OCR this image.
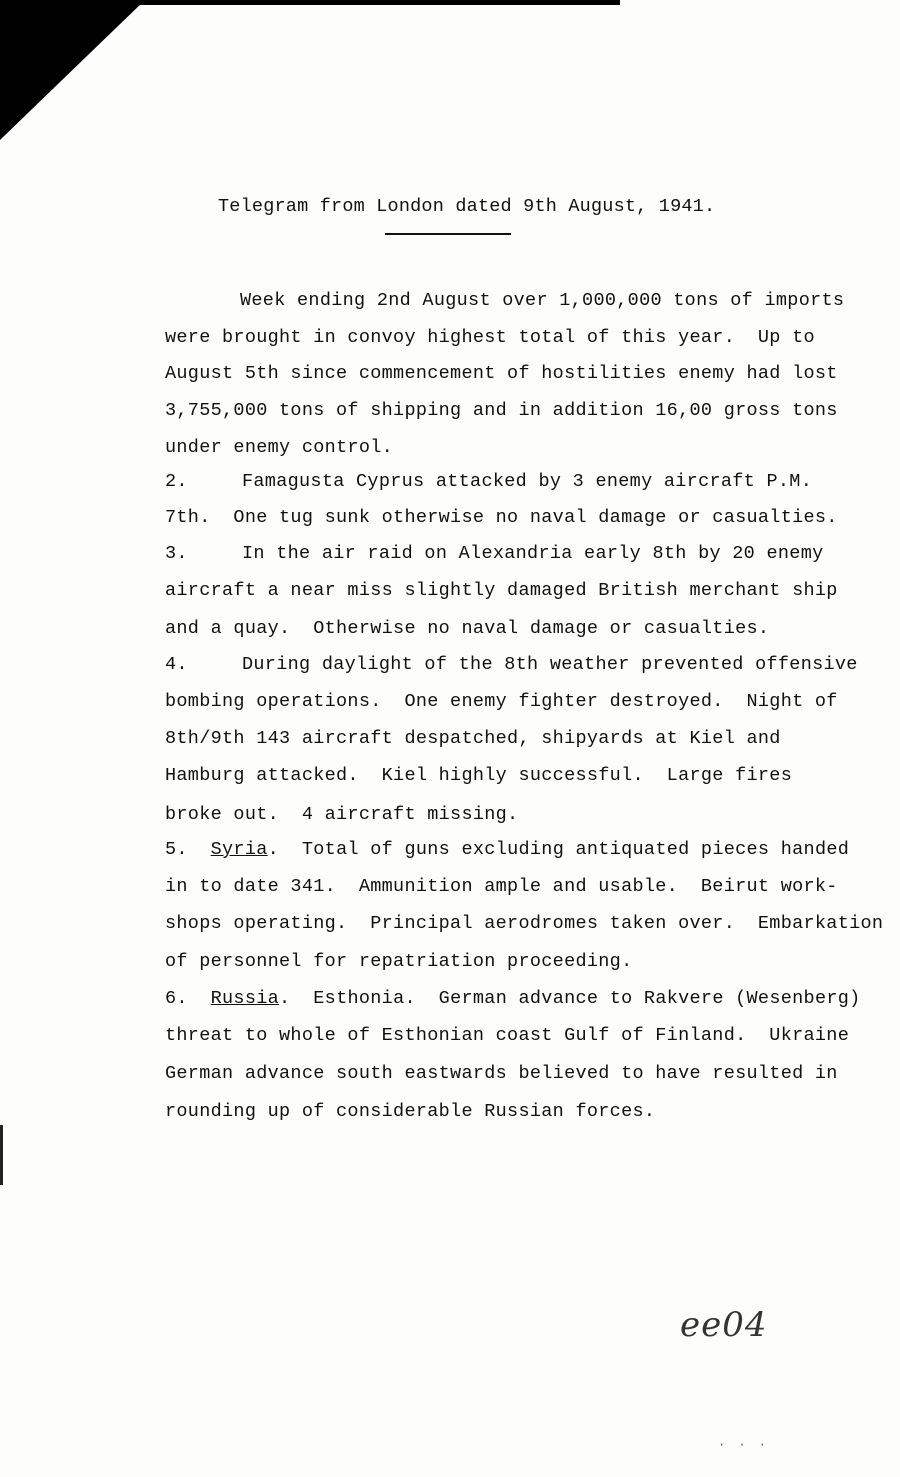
Telegram from London dated 9th August, 1941.
Week ending 2nd August over 1,000,000 tons of imports
were brought in convoy highest total of this year.  Up to
August 5th since commencement of hostilities enemy had lost
3,755,000 tons of shipping and in addition 16,00 gross tons
under enemy control.
2.	Famagusta Cyprus attacked by 3 enemy aircraft P.M.
7th.  One tug sunk otherwise no naval damage or casualties.
3.	In the air raid on Alexandria early 8th by 20 enemy
aircraft a near miss slightly damaged British merchant ship
and a quay.  Otherwise no naval damage or casualties.
4.	During daylight of the 8th weather prevented offensive
bombing operations.  One enemy fighter destroyed.  Night of
8th/9th 143 aircraft despatched, shipyards at Kiel and
Hamburg attacked.  Kiel highly successful.  Large fires
broke out.  4 aircraft missing.
5. Syria.  Total of guns excluding antiquated pieces handed
in to date 341.  Ammunition ample and usable.  Beirut work-
shops operating.  Principal aerodromes taken over.  Embarkation
of personnel for repatriation proceeding.
6. Russia.  Esthonia.  German advance to Rakvere (Wesenberg)
threat to whole of Esthonian coast Gulf of Finland.  Ukraine
German advance south eastwards believed to have resulted in
rounding up of considerable Russian forces.
ee04
· · ·
